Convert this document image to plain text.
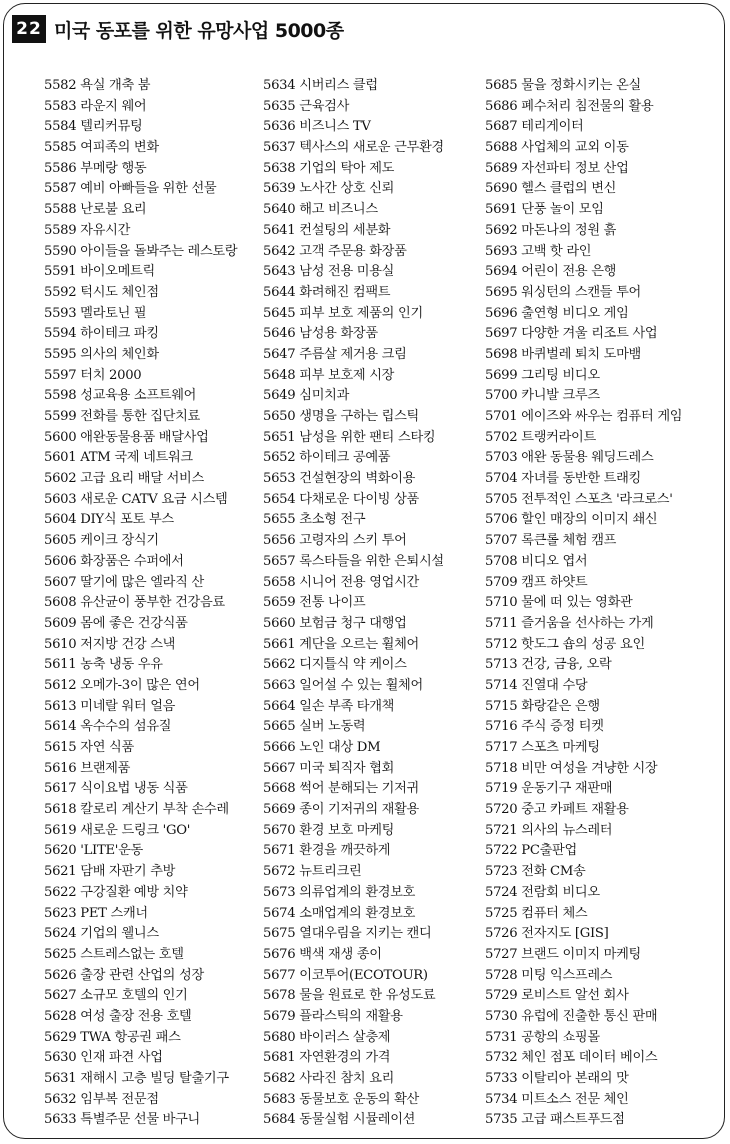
22 미국 동포를 위한 유망사업 5000종
5582 욕실 개축 붐
5583 라운지 웨어
5584 텔리커뮤팅
5585 여피족의 변화
5586 부메랑 행동
5587 예비 아빠들을 위한 선물
5588 난로불 요리
5589 자유시간
5590 아이들을 돌봐주는 레스토랑
5591 바이오메트릭
5592 턱시도 체인점
5593 멜라토닌 필
5594 하이테크 파킹
5595 의사의 체인화
5597 터치 2000
5598 성교육용 소프트웨어
5599 전화를 통한 집단치료
5600 애완동물용품 배달사업
5601 ATM 국제 네트워크
5602 고급 요리 배달 서비스
5603 새로운 CATV 요금 시스템
5604 DIY식 포토 부스
5605 케이크 장식기
5606 화장품은 수퍼에서
5607 딸기에 많은 엘라직 산
5608 유산균이 풍부한 건강음료
5609 몸에 좋은 건강식품
5610 저지방 건강 스낵
5611 농축 냉동 우유
5612 오메가-3이 많은 연어
5613 미네랄 워터 얼음
5614 옥수수의 섬유질
5615 자연 식품
5616 브랜제품
5617 식이요법 냉동 식품
5618 칼로리 계산기 부착 손수레
5619 새로운 드링크 'GO'
5620 'LITE'운동
5621 담배 자판기 추방
5622 구강질환 예방 치약
5623 PET 스캐너
5624 기업의 웰니스
5625 스트레스없는 호텔
5626 출장 관련 산업의 성장
5627 소규모 호텔의 인기
5628 여성 출장 전용 호텔
5629 TWA 항공권 패스
5630 인재 파견 사업
5631 재해시 고층 빌딩 탈출기구
5632 임부복 전문점
5633 특별주문 선물 바구니
5634 시버리스 클럽
5635 근육검사
5636 비즈니스 TV
5637 텍사스의 새로운 근무환경
5638 기업의 탁아 제도
5639 노사간 상호 신뢰
5640 해고 비즈니스
5641 컨설팅의 세분화
5642 고객 주문용 화장품
5643 남성 전용 미용실
5644 화려해진 컴팩트
5645 피부 보호 제품의 인기
5646 남성용 화장품
5647 주름살 제거용 크림
5648 피부 보호제 시장
5649 심미치과
5650 생명을 구하는 립스틱
5651 남성을 위한 팬티 스타킹
5652 하이테크 공예품
5653 건설현장의 벽화이용
5654 다채로운 다이빙 상품
5655 초소형 전구
5656 고령자의 스키 투어
5657 록스타들을 위한 은퇴시설
5658 시니어 전용 영업시간
5659 전통 나이프
5660 보험금 청구 대행업
5661 계단을 오르는 휠체어
5662 디지틀식 약 케이스
5663 일어설 수 있는 휠체어
5664 일손 부족 타개책
5665 실버 노동력
5666 노인 대상 DM
5667 미국 퇴직자 협회
5668 썩어 분해되는 기저귀
5669 종이 기저귀의 재활용
5670 환경 보호 마케팅
5671 환경을 깨끗하게
5672 뉴트리크린
5673 의류업계의 환경보호
5674 소매업계의 환경보호
5675 열대우림을 지키는 캔디
5676 백색 재생 종이
5677 이코투어(ECOTOUR)
5678 물을 원료로 한 유성도료
5679 플라스틱의 재활용
5680 바이러스 살충제
5681 자연환경의 가격
5682 사라진 참치 요리
5683 동물보호 운동의 확산
5684 동물실험 시뮬레이션
5685 물을 정화시키는 온실
5686 폐수처리 침전물의 활용
5687 테리게이터
5688 사업체의 교외 이동
5689 자선파티 정보 산업
5690 헬스 클럽의 변신
5691 단풍 놀이 모임
5692 마돈나의 정원 흙
5693 고백 핫 라인
5694 어린이 전용 은행
5695 워싱턴의 스캔들 투어
5696 출연형 비디오 게임
5697 다양한 겨울 리조트 사업
5698 바퀴벌레 퇴치 도마뱀
5699 그리팅 비디오
5700 카니발 크루즈
5701 에이즈와 싸우는 컴퓨터 게임
5702 트랭커라이트
5703 애완 동물용 웨딩드레스
5704 자녀를 동반한 트래킹
5705 전투적인 스포츠 '라크로스'
5706 할인 매장의 이미지 쇄신
5707 록큰롤 체험 캠프
5708 비디오 엽서
5709 캠프 하얏트
5710 물에 떠 있는 영화관
5711 즐거움을 선사하는 가게
5712 핫도그 숍의 성공 요인
5713 건강, 금융, 오락
5714 진열대 수당
5715 화랑같은 은행
5716 주식 증정 티켓
5717 스포츠 마케팅
5718 비만 여성을 겨냥한 시장
5719 운동기구 재판매
5720 중고 카페트 재활용
5721 의사의 뉴스레터
5722 PC출판업
5723 전화 CM송
5724 전람회 비디오
5725 컴퓨터 체스
5726 전자지도 [GIS]
5727 브랜드 이미지 마케팅
5728 미팅 익스프레스
5729 로비스트 알선 회사
5730 유럽에 진출한 통신 판매
5731 공항의 쇼핑몰
5732 체인 점포 데이터 베이스
5733 이탈리아 본래의 맛
5734 미트소스 전문 체인
5735 고급 패스트푸드점
